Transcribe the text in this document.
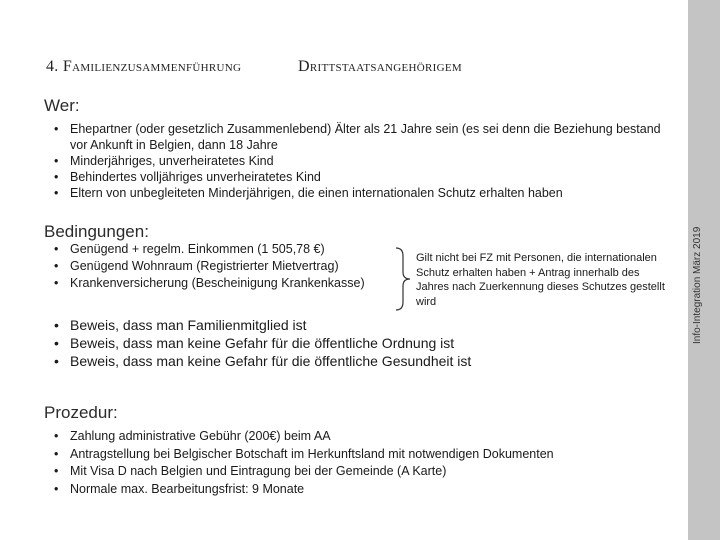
4. Familienzusammenführung	Drittstaatsangehörigem
Wer:
• Ehepartner (oder gesetzlich Zusammenlebend) Älter als 21 Jahre sein (es sei denn die Beziehung bestand vor Ankunft in Belgien, dann 18 Jahre
• Minderjähriges, unverheiratetes Kind
• Behindertes volljähriges unverheiratetes Kind
• Eltern von unbegleiteten Minderjährigen, die einen internationalen Schutz erhalten haben
Bedingungen:
• Genügend + regelm. Einkommen (1 505,78 €)
• Genügend Wohnraum (Registrierter Mietvertrag)
• Krankenversicherung (Bescheinigung Krankenkasse)
Gilt nicht bei FZ mit Personen, die internationalen Schutz erhalten haben + Antrag innerhalb des Jahres nach Zuerkennung dieses Schutzes gestellt wird
• Beweis, dass man Familienmitglied ist
• Beweis, dass man keine Gefahr für die öffentliche Ordnung ist
• Beweis, dass man keine Gefahr für die öffentliche Gesundheit ist
Prozedur:
• Zahlung administrative Gebühr (200€) beim AA
• Antragstellung bei Belgischer Botschaft im Herkunftsland mit notwendigen Dokumenten
• Mit Visa D nach Belgien und Eintragung bei der Gemeinde (A Karte)
• Normale max. Bearbeitungsfrist: 9 Monate
Info-Integration März 2019
